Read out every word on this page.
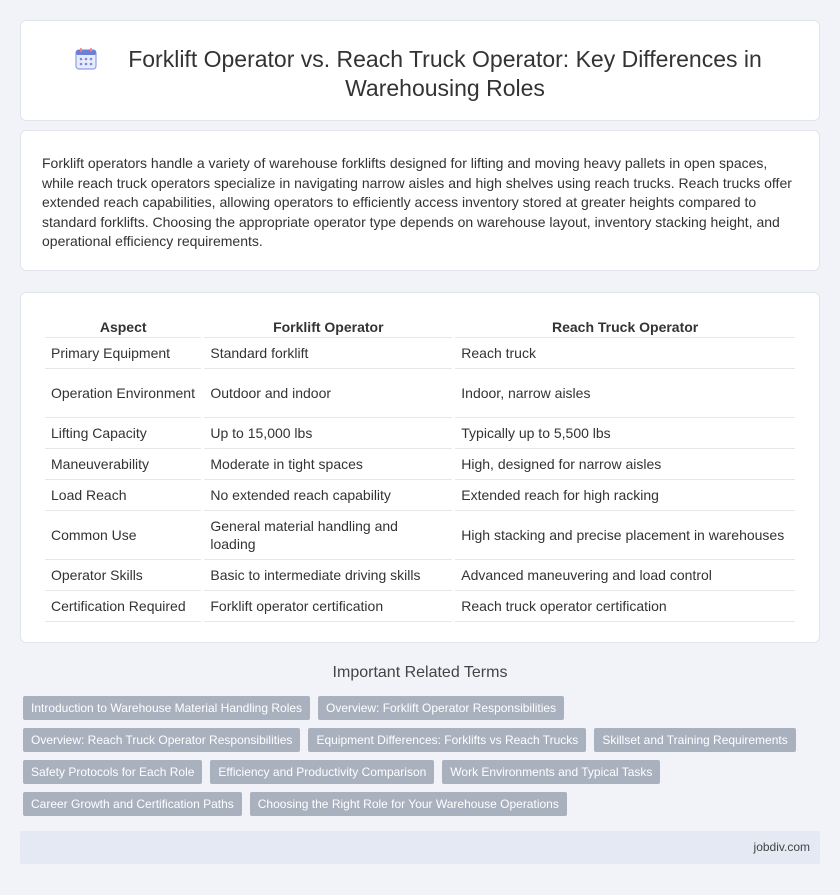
Forklift Operator vs. Reach Truck Operator: Key Differences in Warehousing Roles

Forklift operators handle a variety of warehouse forklifts designed for lifting and moving heavy pallets in open spaces, while reach truck operators specialize in navigating narrow aisles and high shelves using reach trucks. Reach trucks offer extended reach capabilities, allowing operators to efficiently access inventory stored at greater heights compared to standard forklifts. Choosing the appropriate operator type depends on warehouse layout, inventory stacking height, and operational efficiency requirements.

Aspect	Forklift Operator	Reach Truck Operator
Primary Equipment	Standard forklift	Reach truck
Operation Environment	Outdoor and indoor	Indoor, narrow aisles
Lifting Capacity	Up to 15,000 lbs	Typically up to 5,500 lbs
Maneuverability	Moderate in tight spaces	High, designed for narrow aisles
Load Reach	No extended reach capability	Extended reach for high racking
Common Use	General material handling and loading	High stacking and precise placement in warehouses
Operator Skills	Basic to intermediate driving skills	Advanced maneuvering and load control
Certification Required	Forklift operator certification	Reach truck operator certification
Important Related Terms
Introduction to Warehouse Material Handling Roles	Overview: Forklift Operator Responsibilities
Overview: Reach Truck Operator Responsibilities	Equipment Differences: Forklifts vs Reach Trucks	Skillset and Training Requirements
Safety Protocols for Each Role	Efficiency and Productivity Comparison	Work Environments and Typical Tasks
Career Growth and Certification Paths	Choosing the Right Role for Your Warehouse Operations
jobdiv.com
